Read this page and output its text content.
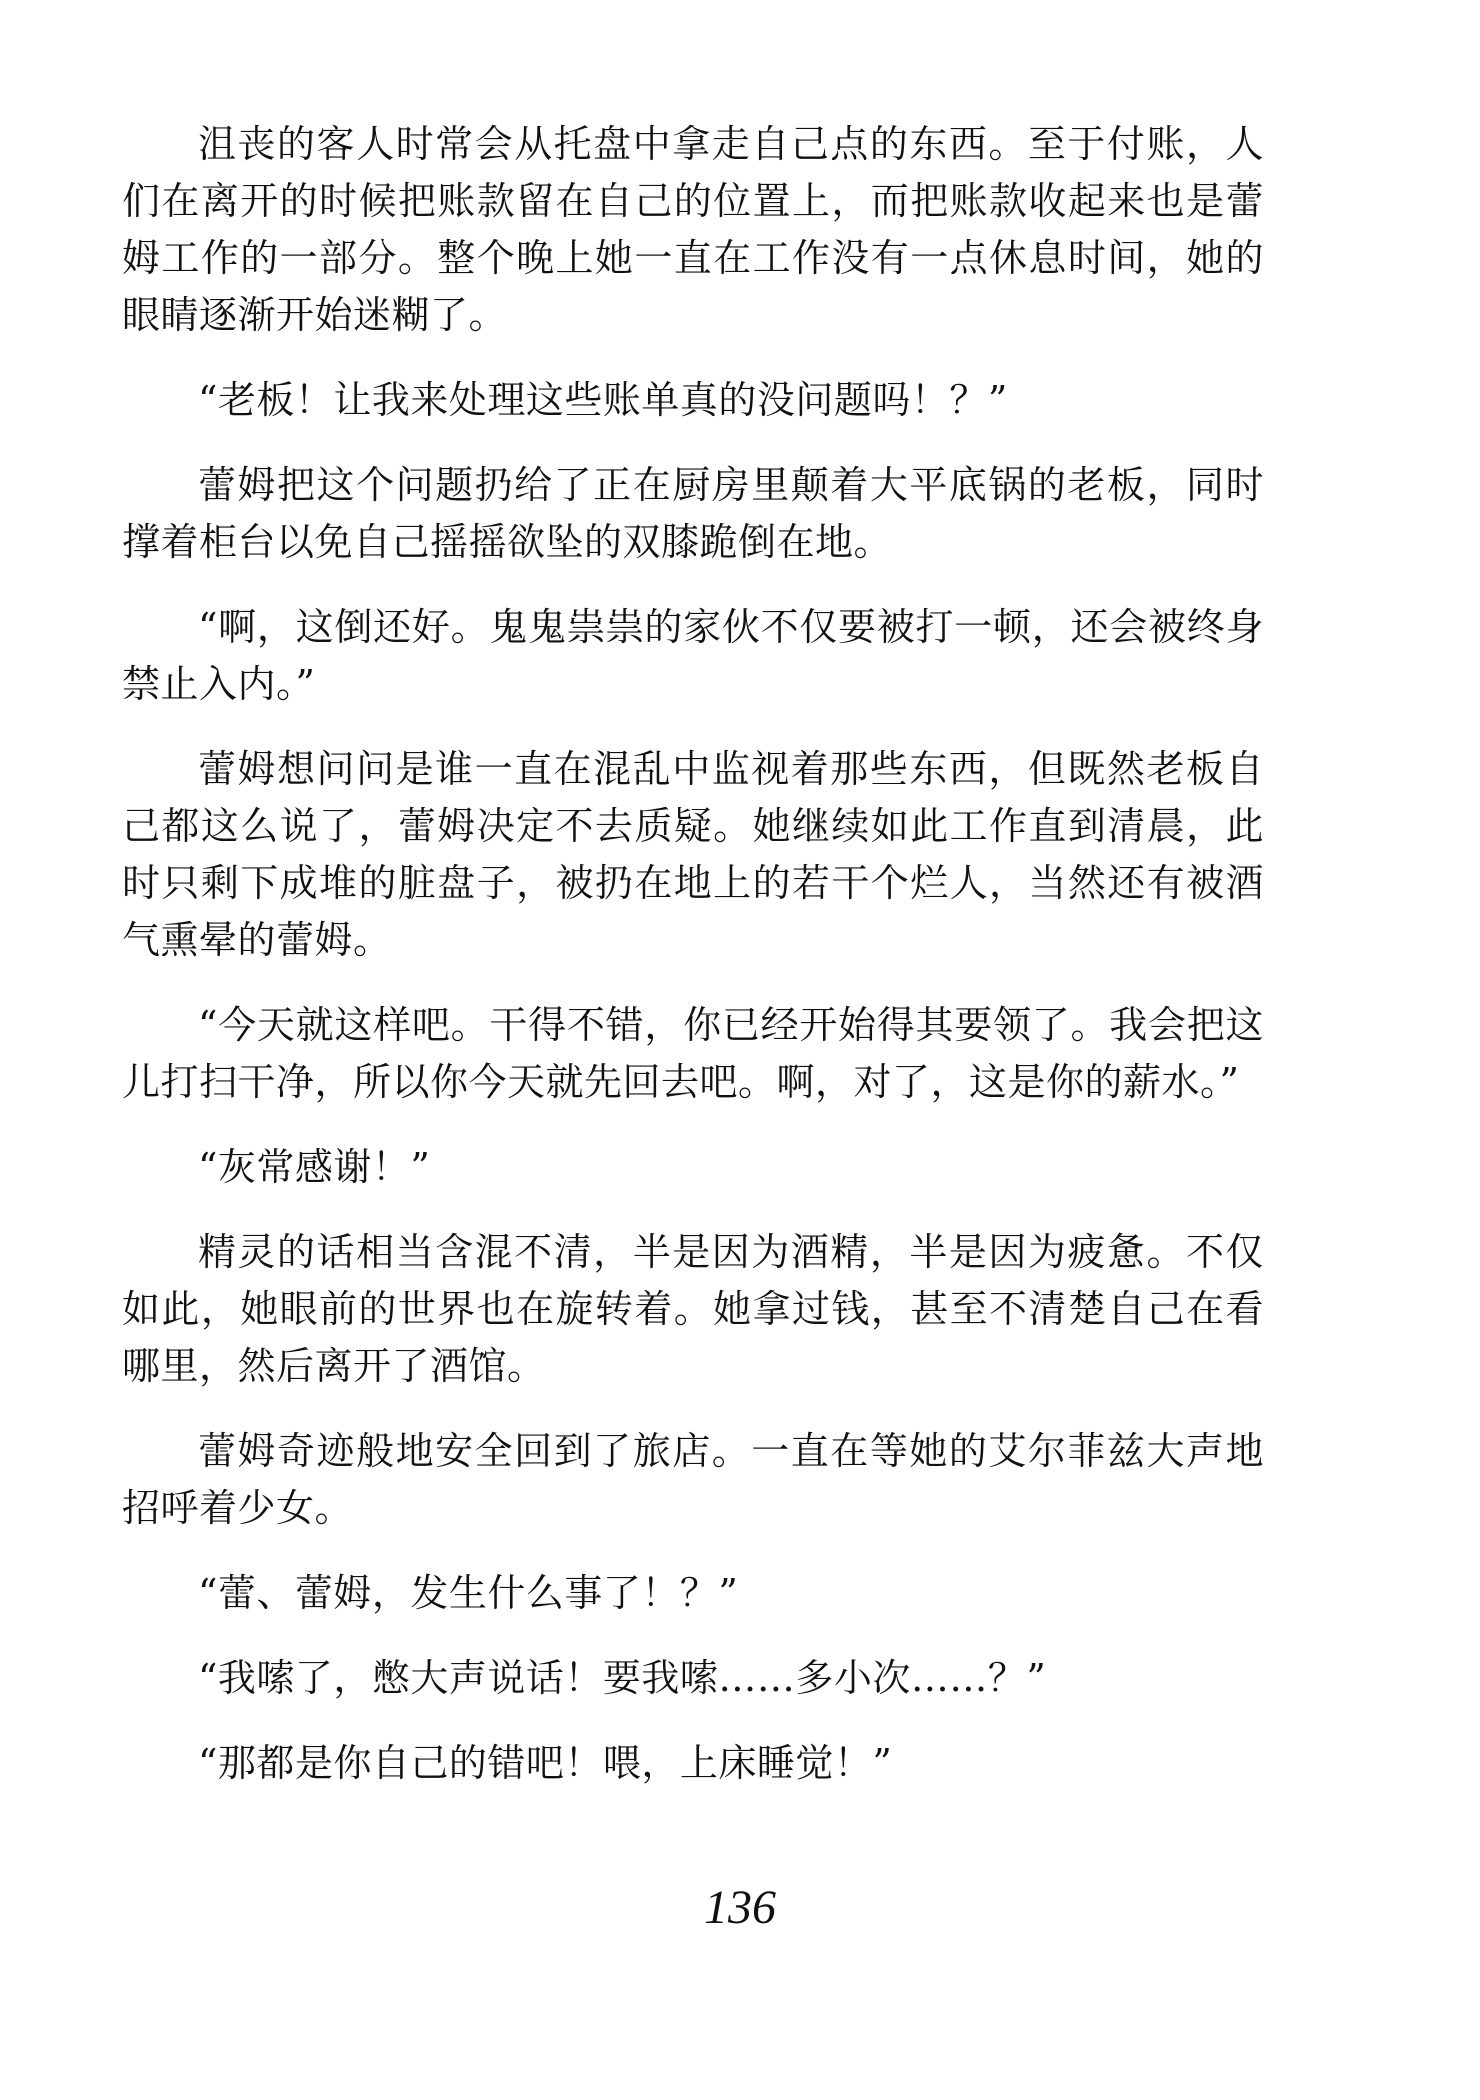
沮丧的客人时常会从托盘中拿走自己点的东西。至于付账，人们在离开的时候把账款留在自己的位置上，而把账款收起来也是蕾姆工作的一部分。整个晚上她一直在工作没有一点休息时间，她的眼睛逐渐开始迷糊了。

“老板！让我来处理这些账单真的没问题吗！？”

蕾姆把这个问题扔给了正在厨房里颠着大平底锅的老板，同时撑着柜台以免自己摇摇欲坠的双膝跪倒在地。

“啊，这倒还好。鬼鬼祟祟的家伙不仅要被打一顿，还会被终身禁止入内。”

蕾姆想问问是谁一直在混乱中监视着那些东西，但既然老板自己都这么说了，蕾姆决定不去质疑。她继续如此工作直到清晨，此时只剩下成堆的脏盘子，被扔在地上的若干个烂人，当然还有被酒气熏晕的蕾姆。

“今天就这样吧。干得不错，你已经开始得其要领了。我会把这儿打扫干净，所以你今天就先回去吧。啊，对了，这是你的薪水。”

“灰常感谢！”

精灵的话相当含混不清，半是因为酒精，半是因为疲惫。不仅如此，她眼前的世界也在旋转着。她拿过钱，甚至不清楚自己在看哪里，然后离开了酒馆。

蕾姆奇迹般地安全回到了旅店。一直在等她的艾尔菲兹大声地招呼着少女。

“蕾、蕾姆，发生什么事了！？”

“我嗦了，憋大声说话！要我嗦……多小次……？”

“那都是你自己的错吧！喂，上床睡觉！”

136
